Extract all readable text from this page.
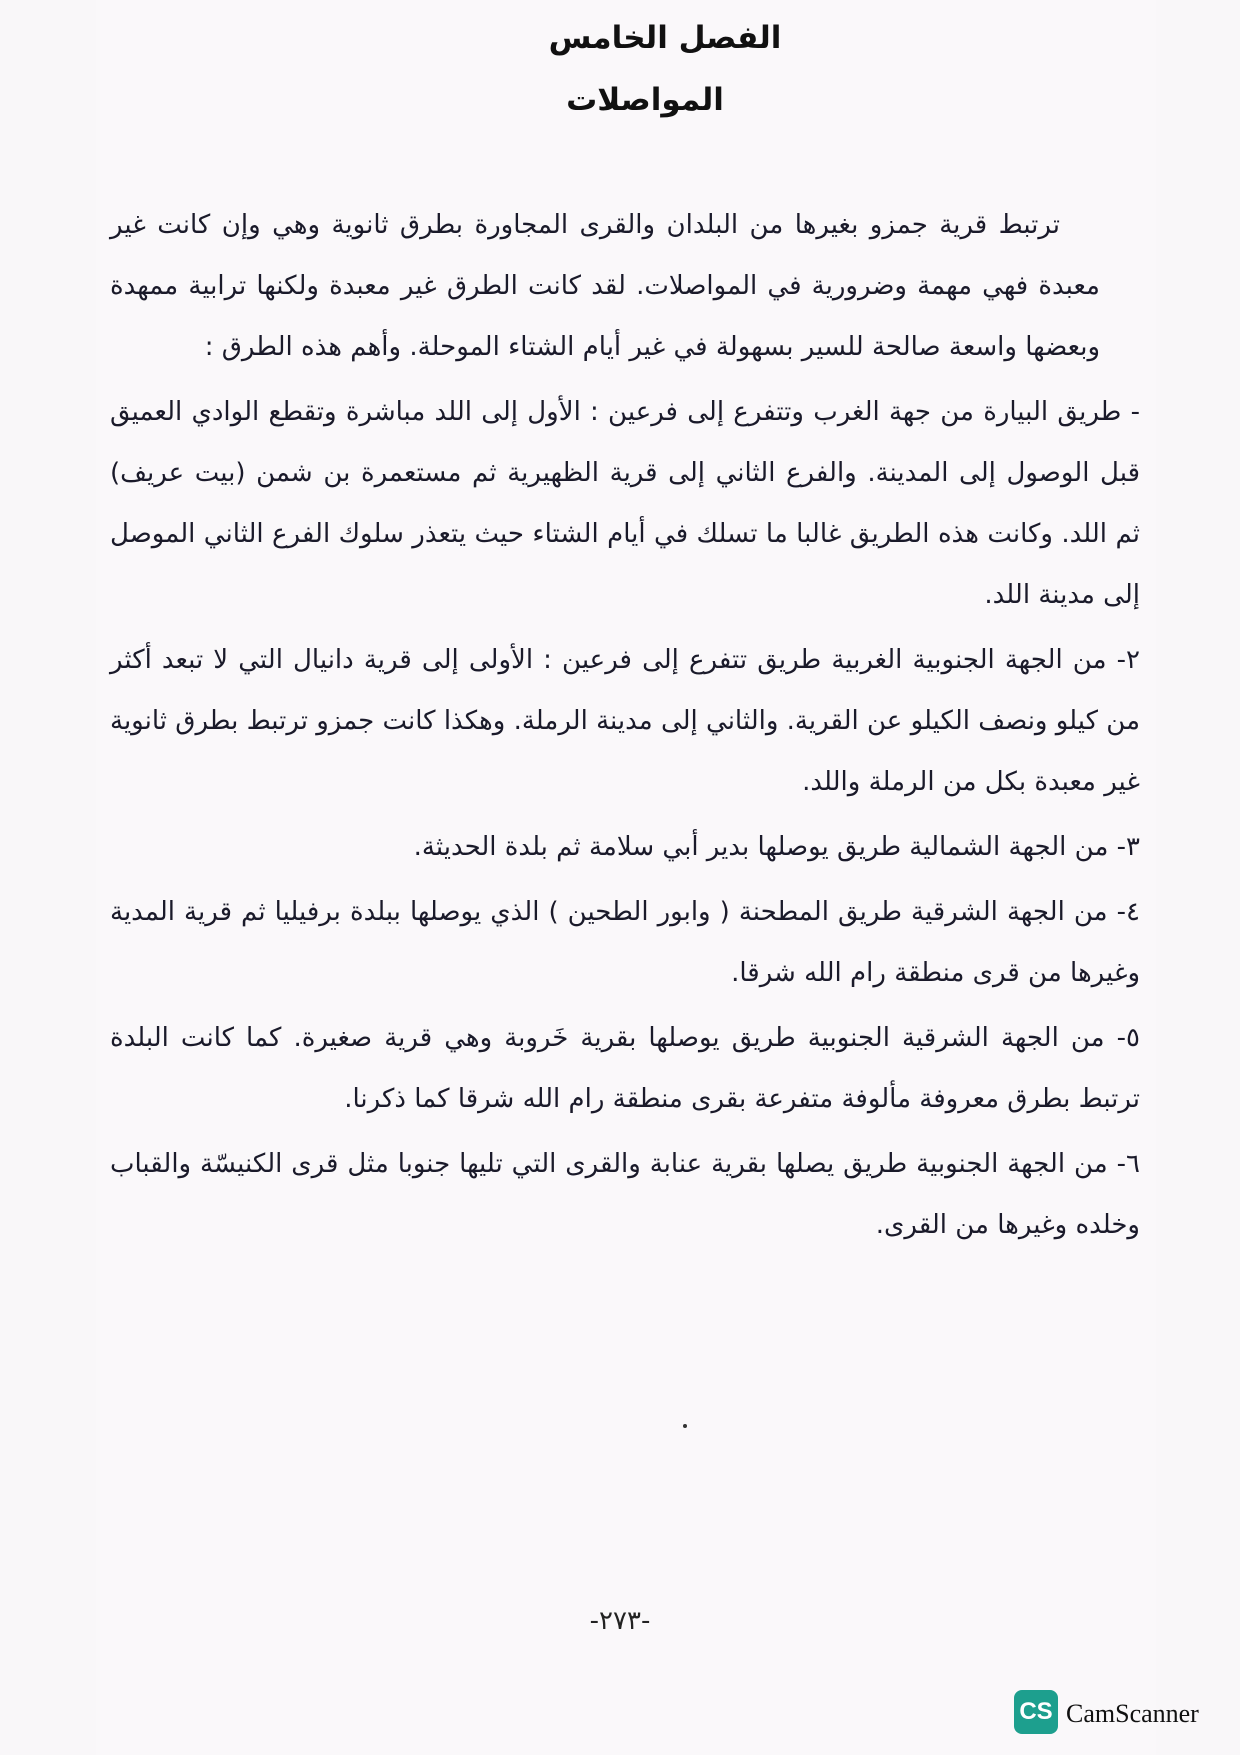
الفصل الخامس
المواصلات

ترتبط قرية جمزو بغيرها من البلدان والقرى المجاورة بطرق ثانوية وهي وإن كانت غير معبدة فهي مهمة وضرورية في المواصلات. لقد كانت الطرق غير معبدة ولكنها ترابية ممهدة وبعضها واسعة صالحة للسير بسهولة في غير أيام الشتاء الموحلة. وأهم هذه الطرق :

- طريق البيارة من جهة الغرب وتتفرع إلى فرعين : الأول إلى اللد مباشرة وتقطع الوادي العميق قبل الوصول إلى المدينة. والفرع الثاني إلى قرية الظهيرية ثم مستعمرة بن شمن (بيت عريف) ثم اللد. وكانت هذه الطريق غالبا ما تسلك في أيام الشتاء حيث يتعذر سلوك الفرع الثاني الموصل إلى مدينة اللد.

٢- من الجهة الجنوبية الغربية طريق تتفرع إلى فرعين : الأولى إلى قرية دانيال التي لا تبعد أكثر من كيلو ونصف الكيلو عن القرية. والثاني إلى مدينة الرملة. وهكذا كانت جمزو ترتبط بطرق ثانوية غير معبدة بكل من الرملة واللد.

٣- من الجهة الشمالية طريق يوصلها بدير أبي سلامة ثم بلدة الحديثة.

٤- من الجهة الشرقية طريق المطحنة ( وابور الطحين ) الذي يوصلها ببلدة برفيليا ثم قرية المدية وغيرها من قرى منطقة رام الله شرقا.

٥- من الجهة الشرقية الجنوبية طريق يوصلها بقرية خَروبة وهي قرية صغيرة. كما كانت البلدة ترتبط بطرق معروفة مألوفة متفرعة بقرى منطقة رام الله شرقا كما ذكرنا.

٦- من الجهة الجنوبية طريق يصلها بقرية عنابة والقرى التي تليها جنوبا مثل قرى الكنيسّة والقباب وخلده وغيرها من القرى.

-٢٧٣-
CS CamScanner
